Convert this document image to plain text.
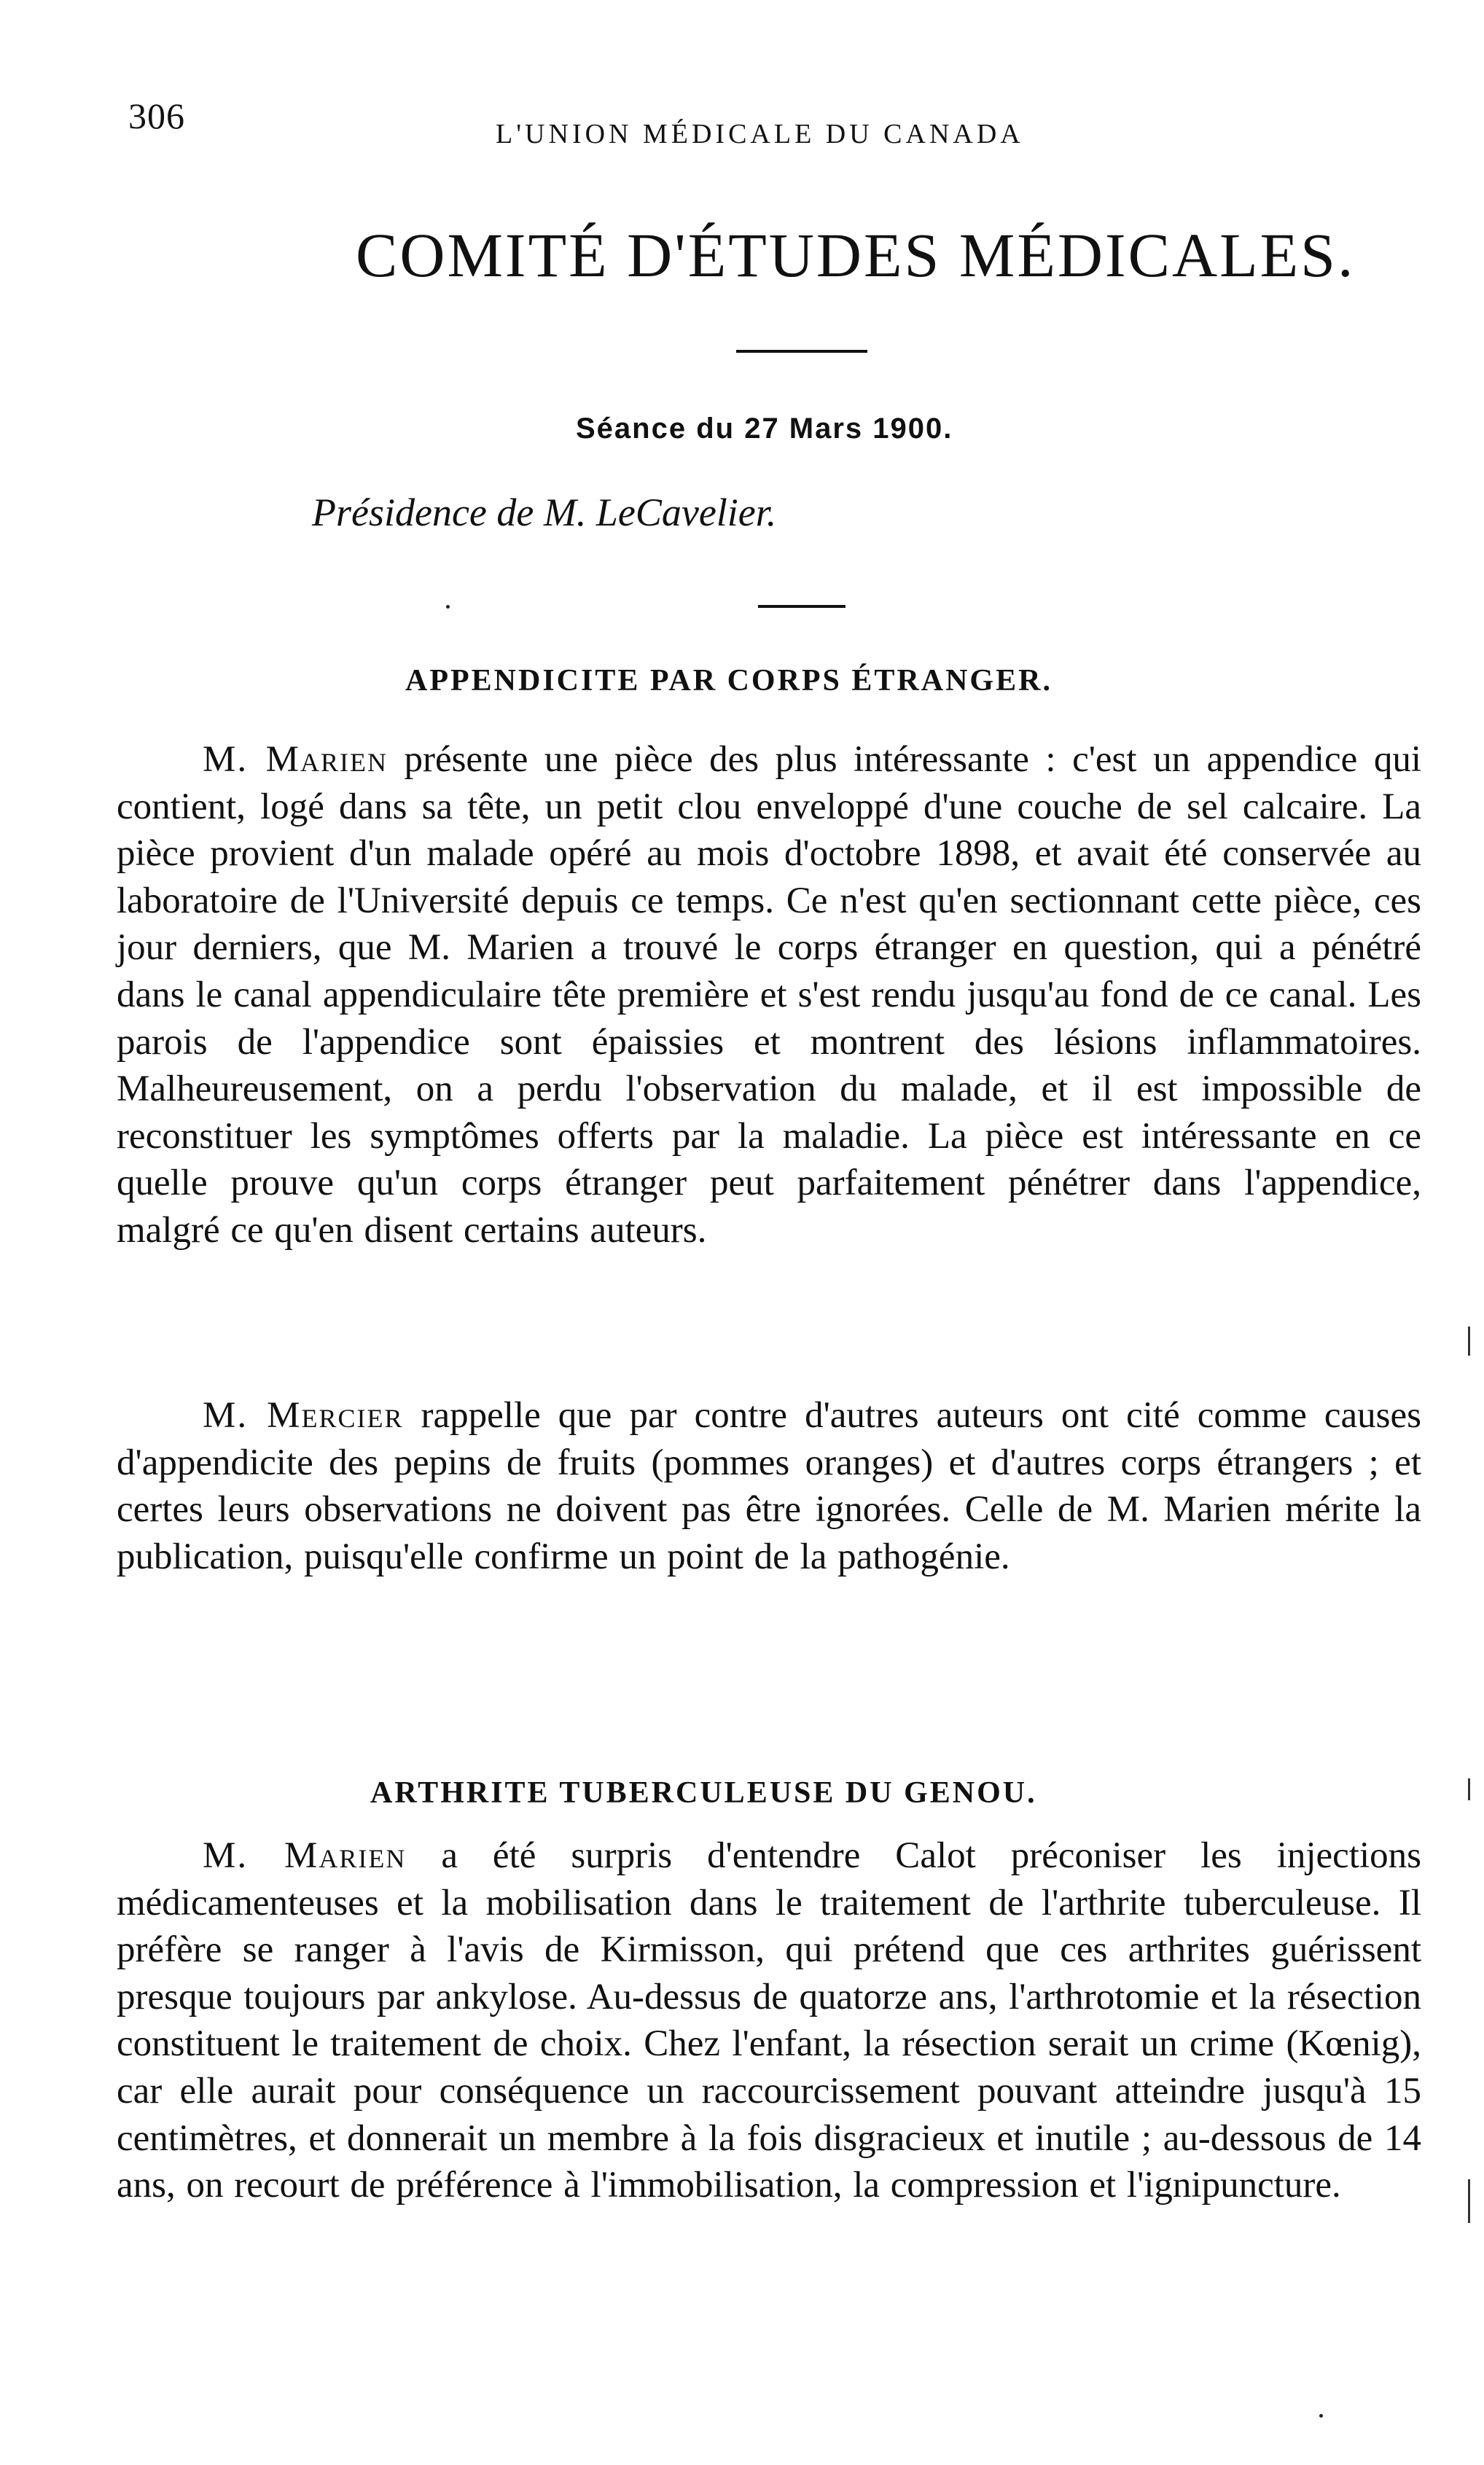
306	L'UNION MÉDICALE DU CANADA
COMITÉ D'ÉTUDES MÉDICALES.
Séance du 27 Mars 1900.
Présidence de M. LeCavelier.
APPENDICITE PAR CORPS ÉTRANGER.

M. Marien présente une pièce des plus intéressante : c'est un appendice qui contient, logé dans sa tête, un petit clou enveloppé d'une couche de sel calcaire. La pièce provient d'un malade opéré au mois d'octobre 1898, et avait été conservée au laboratoire de l'Université depuis ce temps. Ce n'est qu'en sectionnant cette pièce, ces jour derniers, que M. Marien a trouvé le corps étranger en question, qui a pénétré dans le canal appendiculaire tête première et s'est rendu jusqu'au fond de ce canal. Les parois de l'appendice sont épaissies et montrent des lésions inflammatoires. Malheureusement, on a perdu l'observation du malade, et il est impossible de reconstituer les symptômes offerts par la maladie. La pièce est intéressante en ce quelle prouve qu'un corps étranger peut parfaitement pénétrer dans l'appendice, malgré ce qu'en disent certains auteurs.

M. Mercier rappelle que par contre d'autres auteurs ont cité comme causes d'appendicite des pepins de fruits (pommes oranges) et d'autres corps étrangers ; et certes leurs observations ne doivent pas être ignorées. Celle de M. Marien mérite la publication, puisqu'elle confirme un point de la pathogénie.

ARTHRITE TUBERCULEUSE DU GENOU.

M. Marien a été surpris d'entendre Calot préconiser les injections médicamenteuses et la mobilisation dans le traitement de l'arthrite tuberculeuse. Il préfère se ranger à l'avis de Kirmisson, qui prétend que ces arthrites guérissent presque toujours par ankylose. Au-dessus de quatorze ans, l'arthrotomie et la résection constituent le traitement de choix. Chez l'enfant, la résection serait un crime (Kœnig), car elle aurait pour conséquence un raccourcissement pouvant atteindre jusqu'à 15 centimètres, et donnerait un membre à la fois disgracieux et inutile ; au-dessous de 14 ans, on recourt de préférence à l'immobilisation, la compression et l'ignipuncture.
